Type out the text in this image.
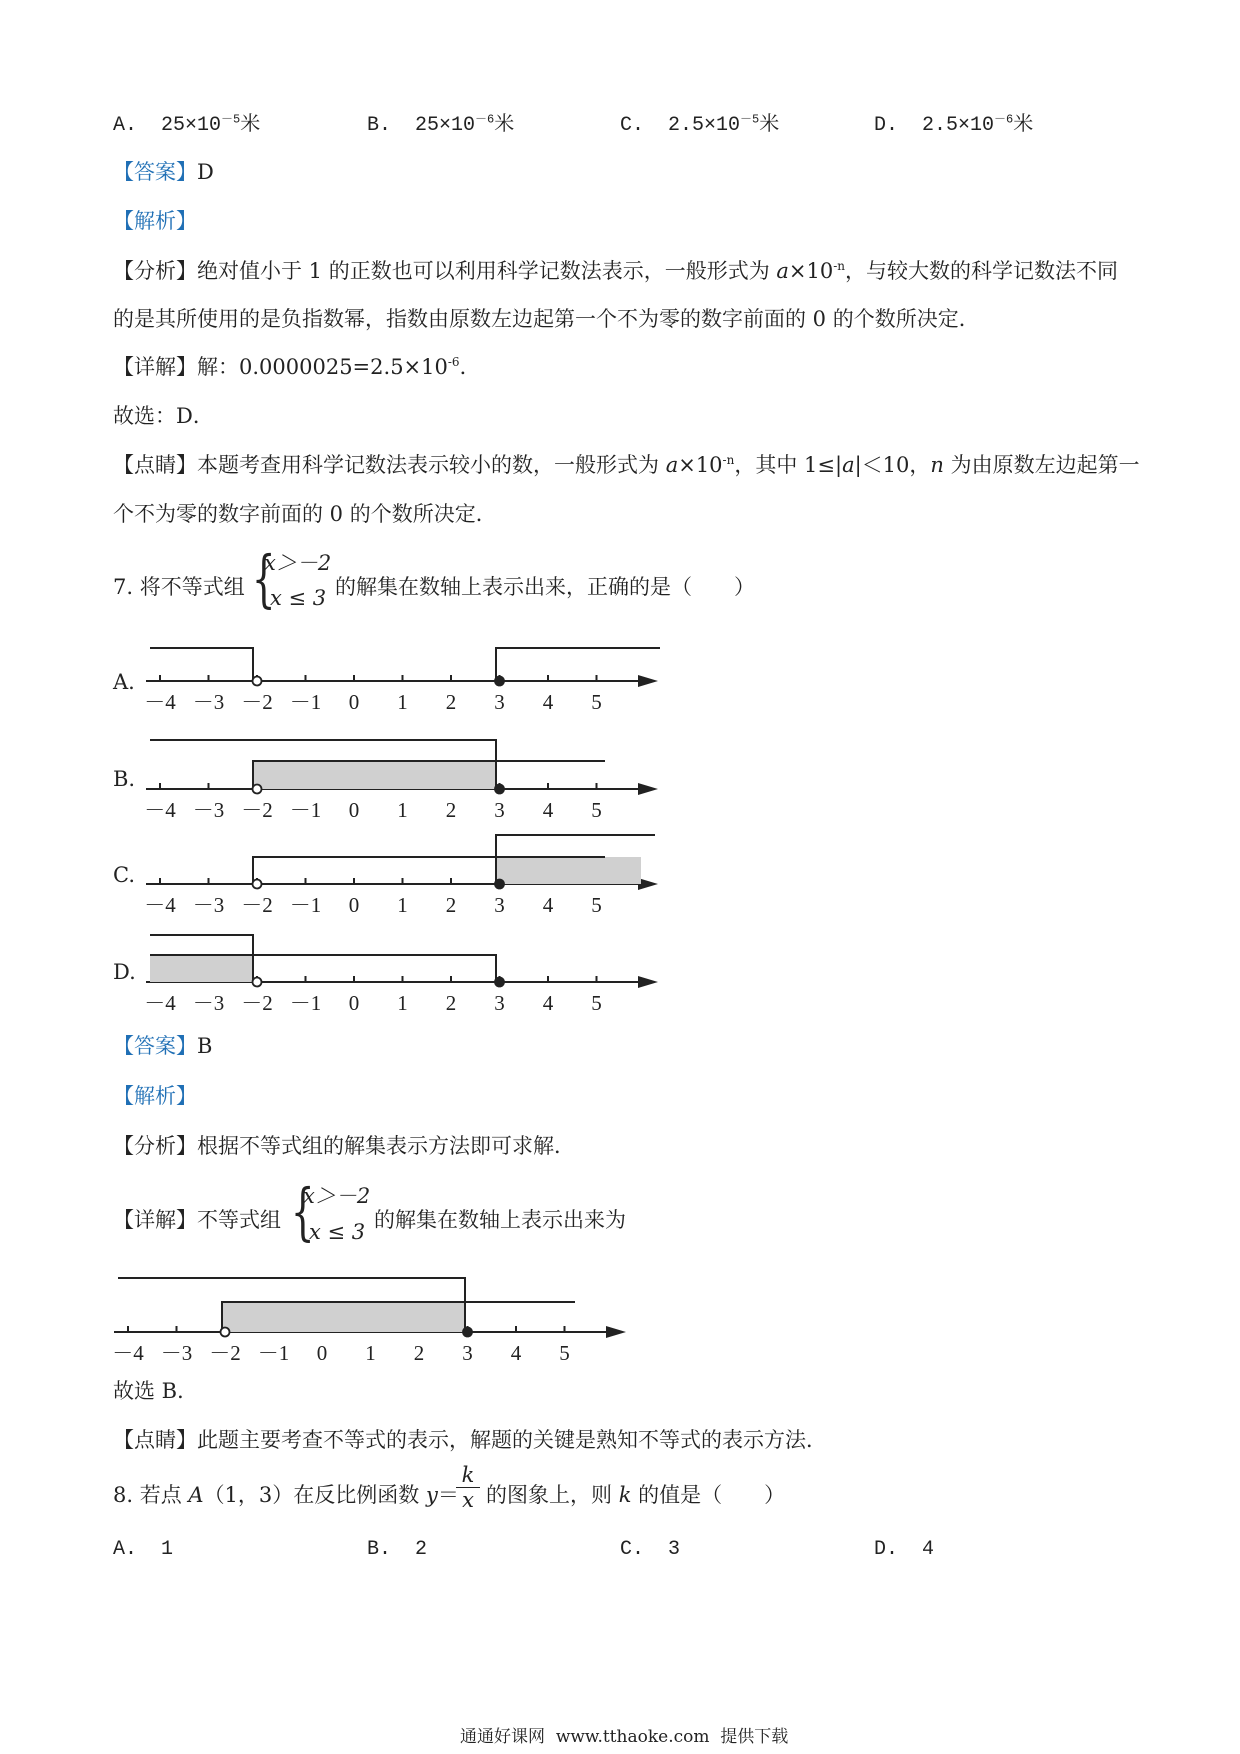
A. $25\times 10^{-5}$米	B. $25\times 10^{-6}$米	C. $2.5\times 10^{-5}$米	D. $2.5\times 10^{-6}$米
【答案】D
【解析】
【分析】绝对值小于 1 的正数也可以利用科学记数法表示，一般形式为 $a\times 10^{-n}$，与较大数的科学记数法不同
的是其所使用的是负指数幂，指数由原数左边起第一个不为零的数字前面的 0 的个数所决定．
【详解】解：$0.0000025=2.5\times 10^{-6}$．
故选：D．
【点睛】本题考查用科学记数法表示较小的数，一般形式为 $a\times 10^{-n}$，其中 1≤|a|＜10，n 为由原数左边起第一
个不为零的数字前面的 0 的个数所决定．
7. 将不等式组 {
x＞－2
x ≤ 3 的解集在数轴上表示出来，正确的是（　　）
A.
B.
C.
D.
－4 －3 －2 －1 0 1 2 3 4 5
－4 －3 －2 －1 0 1 2 3 4 5
－4 －3 －2 －1 0 1 2 3 4 5
－4 －3 －2 －1 0 1 2 3 4 5
－4 －3 －2 －1 0 1 2 3 4 5
【答案】B
【解析】
【分析】根据不等式组的解集表示方法即可求解．
【详解】不等式组 {
x＞－2
x ≤ 3 的解集在数轴上表示出来为
故选 B．
【点睛】此题主要考查不等式的表示，解题的关键是熟知不等式的表示方法．
8. 若点 A（1，3）在反比例函数 y＝
$\frac{k}{x}$ 的图象上，则 k 的值是（　　）
A. 1	B. 2	C. 3	D. 4
通通好课网 www.tthaoke.com 提供下载
